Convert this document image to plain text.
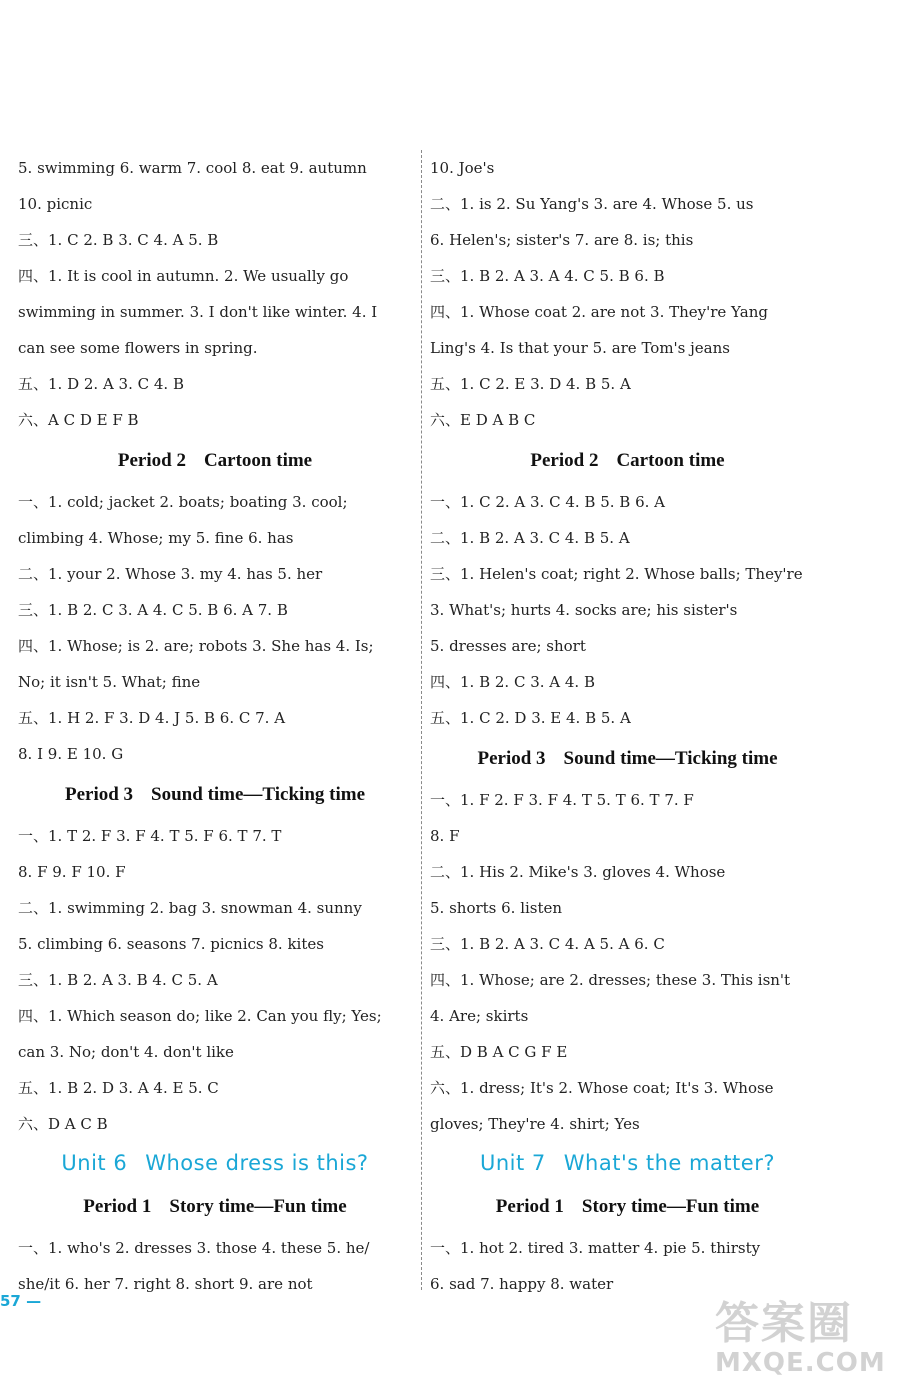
5. swimming 6. warm 7. cool 8. eat 9. autumn
10. picnic
三、1. C 2. B 3. C 4. A 5. B
四、1. It is cool in autumn. 2. We usually go
swimming in summer. 3. I don't like winter. 4. I
can see some flowers in spring.
五、1. D 2. A 3. C 4. B
六、A C D E F B
Period 2 Cartoon time
一、1. cold; jacket 2. boats; boating 3. cool;
climbing 4. Whose; my 5. fine 6. has
二、1. your 2. Whose 3. my 4. has 5. her
三、1. B 2. C 3. A 4. C 5. B 6. A 7. B
四、1. Whose; is 2. are; robots 3. She has 4. Is;
No; it isn't 5. What; fine
五、1. H 2. F 3. D 4. J 5. B 6. C 7. A
8. I 9. E 10. G
Period 3 Sound time—Ticking time
一、1. T 2. F 3. F 4. T 5. F 6. T 7. T
8. F 9. F 10. F
二、1. swimming 2. bag 3. snowman 4. sunny
5. climbing 6. seasons 7. picnics 8. kites
三、1. B 2. A 3. B 4. C 5. A
四、1. Which season do; like 2. Can you fly; Yes;
can 3. No; don't 4. don't like
五、1. B 2. D 3. A 4. E 5. C
六、D A C B
Unit 6 Whose dress is this?
Period 1 Story time—Fun time
一、1. who's 2. dresses 3. those 4. these 5. he/
she/it 6. her 7. right 8. short 9. are not
10. Joe's
二、1. is 2. Su Yang's 3. are 4. Whose 5. us
6. Helen's; sister's 7. are 8. is; this
三、1. B 2. A 3. A 4. C 5. B 6. B
四、1. Whose coat 2. are not 3. They're Yang
Ling's 4. Is that your 5. are Tom's jeans
五、1. C 2. E 3. D 4. B 5. A
六、E D A B C
Period 2 Cartoon time
一、1. C 2. A 3. C 4. B 5. B 6. A
二、1. B 2. A 3. C 4. B 5. A
三、1. Helen's coat; right 2. Whose balls; They're
3. What's; hurts 4. socks are; his sister's
5. dresses are; short
四、1. B 2. C 3. A 4. B
五、1. C 2. D 3. E 4. B 5. A
Period 3 Sound time—Ticking time
一、1. F 2. F 3. F 4. T 5. T 6. T 7. F
8. F
二、1. His 2. Mike's 3. gloves 4. Whose
5. shorts 6. listen
三、1. B 2. A 3. C 4. A 5. A 6. C
四、1. Whose; are 2. dresses; these 3. This isn't
4. Are; skirts
五、D B A C G F E
六、1. dress; It's 2. Whose coat; It's 3. Whose
gloves; They're 4. shirt; Yes
Unit 7 What's the matter?
Period 1 Story time—Fun time
一、1. hot 2. tired 3. matter 4. pie 5. thirsty
6. sad 7. happy 8. water
57 —	答案圈
MXQE.COM
